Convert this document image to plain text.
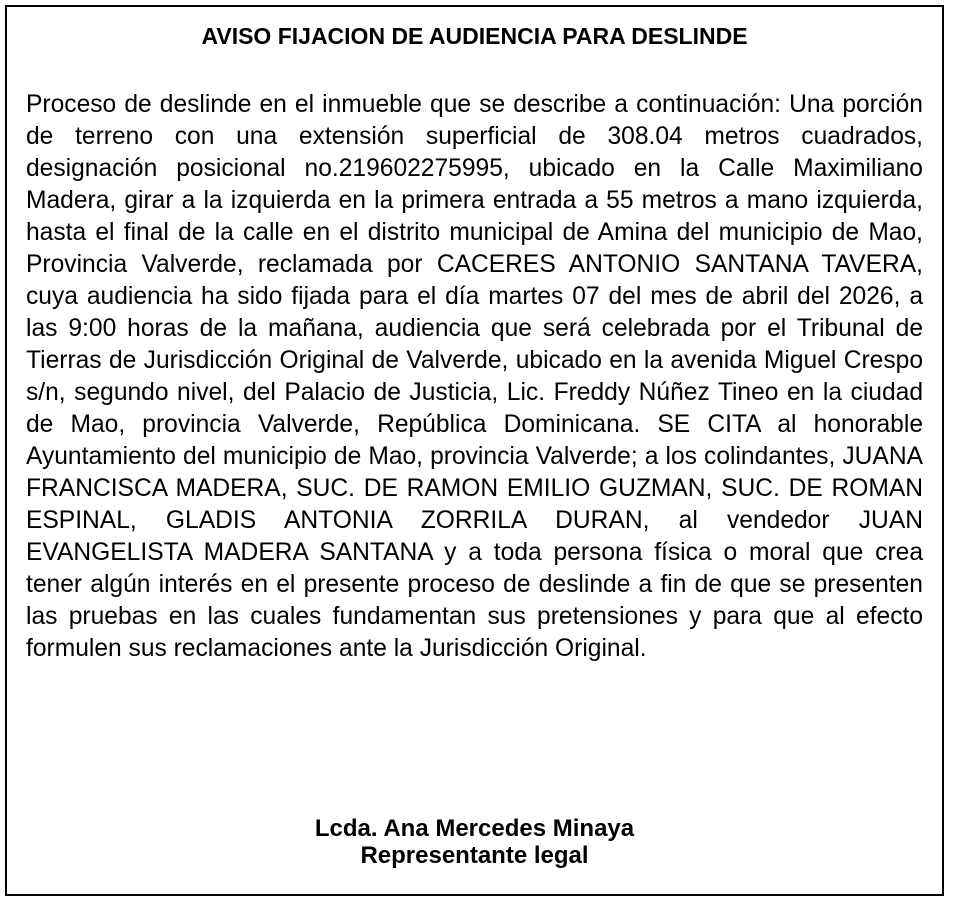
AVISO FIJACION DE AUDIENCIA PARA DESLINDE

Proceso de deslinde en el inmueble que se describe a continuación: Una porción de terreno con una extensión superficial de 308.04 metros cuadrados, designación posicional no.219602275995, ubicado en la Calle Maximiliano Madera, girar a la izquierda en la primera entrada a 55 metros a mano izquierda, hasta el final de la calle en el distrito municipal de Amina del municipio de Mao, Provincia Valverde, reclamada por CACERES ANTONIO SANTANA TAVERA, cuya audiencia ha sido fijada para el día martes 07 del mes de abril del 2026, a las 9:00 horas de la mañana, audiencia que será celebrada por el Tribunal de Tierras de Jurisdicción Original de Valverde, ubicado en la avenida Miguel Crespo s/n, segundo nivel, del Palacio de Justicia, Lic. Freddy Núñez Tineo en la ciudad de Mao, provincia Valverde, República Dominicana. SE CITA al honorable Ayuntamiento del municipio de Mao, provincia Valverde; a los colindantes, JUANA FRANCISCA MADERA, SUC. DE RAMON EMILIO GUZMAN, SUC. DE ROMAN ESPINAL, GLADIS ANTONIA ZORRILA DURAN, al vendedor JUAN EVANGELISTA MADERA SANTANA y a toda persona física o moral que crea tener algún interés en el presente proceso de deslinde a fin de que se presenten las pruebas en las cuales fundamentan sus pretensiones y para que al efecto formulen sus reclamaciones ante la Jurisdicción Original.

Lcda. Ana Mercedes Minaya
Representante legal
